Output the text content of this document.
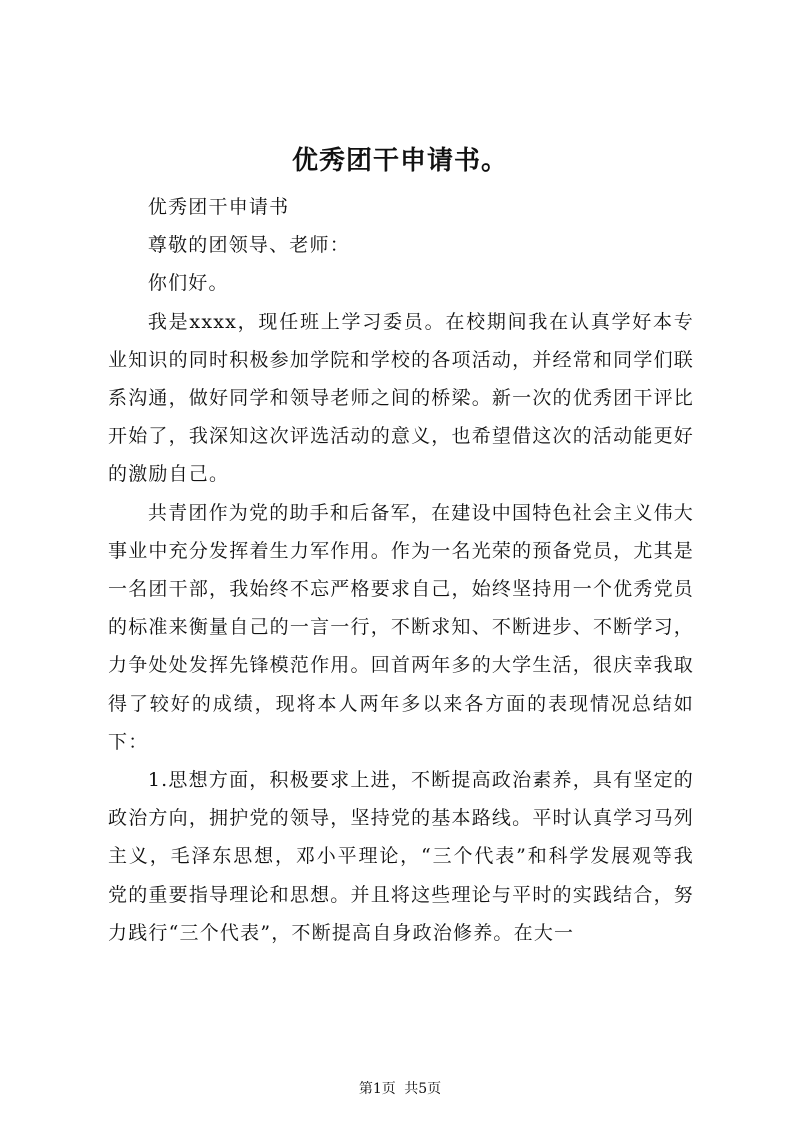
优秀团干申请书。

优秀团干申请书

尊敬的团领导、老师：

你们好。

我是xxxx，现任班上学习委员。在校期间我在认真学好本专业知识的同时积极参加学院和学校的各项活动，并经常和同学们联系沟通，做好同学和领导老师之间的桥梁。新一次的优秀团干评比开始了，我深知这次评选活动的意义，也希望借这次的活动能更好的激励自己。

共青团作为党的助手和后备军，在建设中国特色社会主义伟大事业中充分发挥着生力军作用。作为一名光荣的预备党员，尤其是一名团干部，我始终不忘严格要求自己，始终坚持用一个优秀党员的标准来衡量自己的一言一行，不断求知、不断进步、不断学习，力争处处发挥先锋模范作用。回首两年多的大学生活，很庆幸我取得了较好的成绩，现将本人两年多以来各方面的表现情况总结如下：

1.思想方面，积极要求上进，不断提高政治素养，具有坚定的政治方向，拥护党的领导，坚持党的基本路线。平时认真学习马列主义，毛泽东思想，邓小平理论，“三个代表”和科学发展观等我党的重要指导理论和思想。并且将这些理论与平时的实践结合，努力践行“三个代表”，不断提高自身政治修养。在大一

第1页 共5页
